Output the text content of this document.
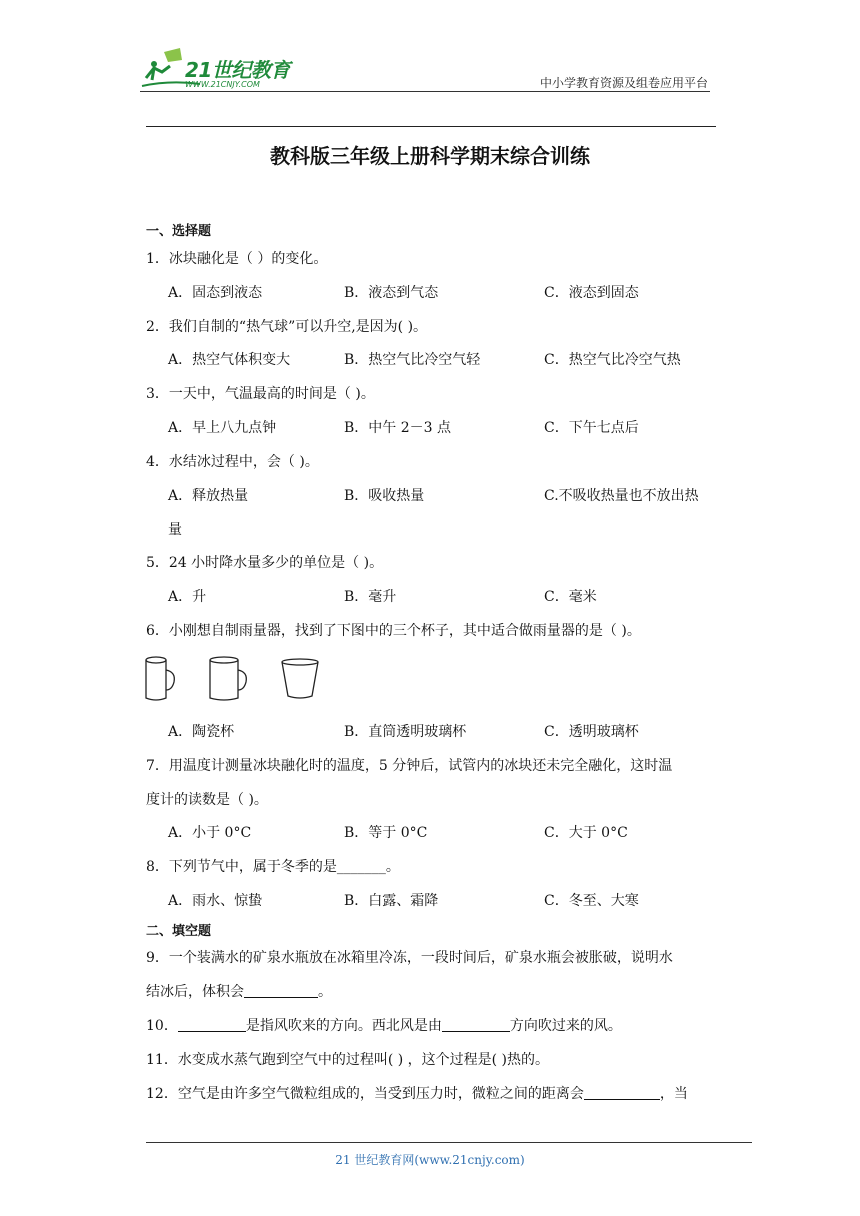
21世纪教育
WWW.21CNJY.COM	中小学教育资源及组卷应用平台
教科版三年级上册科学期末综合训练
一、选择题
1．冰块融化是（ ）的变化。
A．固态到液态	B．液态到气态	C．液态到固态
2．我们自制的“热气球”可以升空,是因为( )。
A．热空气体积变大	B．热空气比冷空气轻	C．热空气比冷空气热
3．一天中，气温最高的时间是（ )。
A．早上八九点钟	B．中午 2－3 点	C．下午七点后
4．水结冰过程中，会（ )。
A．释放热量	B．吸收热量	C.不吸收热量也不放出热
量
5．24 小时降水量多少的单位是（ )。
A．升	B．毫升	C．毫米
6．小刚想自制雨量器，找到了下图中的三个杯子，其中适合做雨量器的是（ )。
A．陶瓷杯	B．直筒透明玻璃杯	C．透明玻璃杯
7．用温度计测量冰块融化时的温度，5 分钟后，试管内的冰块还未完全融化，这时温
度计的读数是（ )。
A．小于 0°C	B．等于 0°C	C．大于 0°C
8．下列节气中，属于冬季的是_______。
A．雨水、惊蛰	B．白露、霜降	C．冬至、大寒
二、填空题
9．一个装满水的矿泉水瓶放在冰箱里冷冻，一段时间后，矿泉水瓶会被胀破，说明水
结冰后，体积会	。
10．	是指风吹来的方向。西北风是由	方向吹过来的风。
11．水变成水蒸气跑到空气中的过程叫( ) ，这个过程是( )热的。
12．空气是由许多空气微粒组成的，当受到压力时，微粒之间的距离会	，当
21 世纪教育网(www.21cnjy.com)
